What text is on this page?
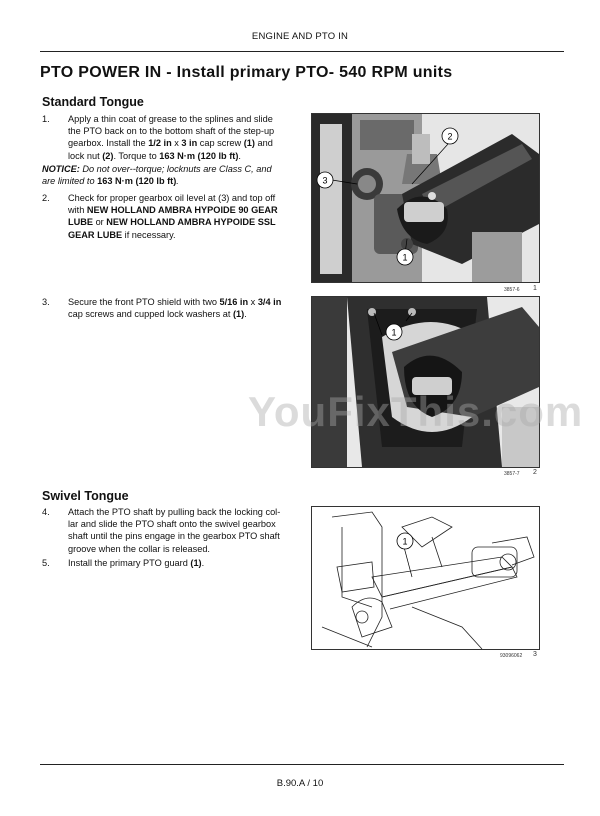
ENGINE AND PTO IN
PTO POWER IN - Install primary PTO- 540 RPM units
Standard Tongue
1. Apply a thin coat of grease to the splines and slide
the PTO back on to the bottom shaft of the step-up
gearbox. Install the 1/2 in x 3 in cap screw (1) and
lock nut (2). Torque to 163 N·m (120 lb ft).
NOTICE: Do not over--torque; locknuts are Class C, and
are limited to 163 N·m (120 lb ft).
2. Check for proper gearbox oil level at (3) and top off
with NEW HOLLAND AMBRA HYPOIDE 90 GEAR
LUBE or NEW HOLLAND AMBRA HYPOIDE SSL
GEAR LUBE if necessary.
3. Secure the front PTO shield with two 5/16 in x 3/4 in
cap screws and cupped lock washers at (1).
Swivel Tongue
4. Attach the PTO shaft by pulling back the locking col-
lar and slide the PTO shaft onto the swivel gearbox
shaft until the pins engage in the gearbox PTO shaft
groove when the collar is released.
5. Install the primary PTO guard (1).
2
3
1
3857-6 1
1
1
3857-7 2
1
93096062 3
YouFixThis.com
B.90.A / 10
